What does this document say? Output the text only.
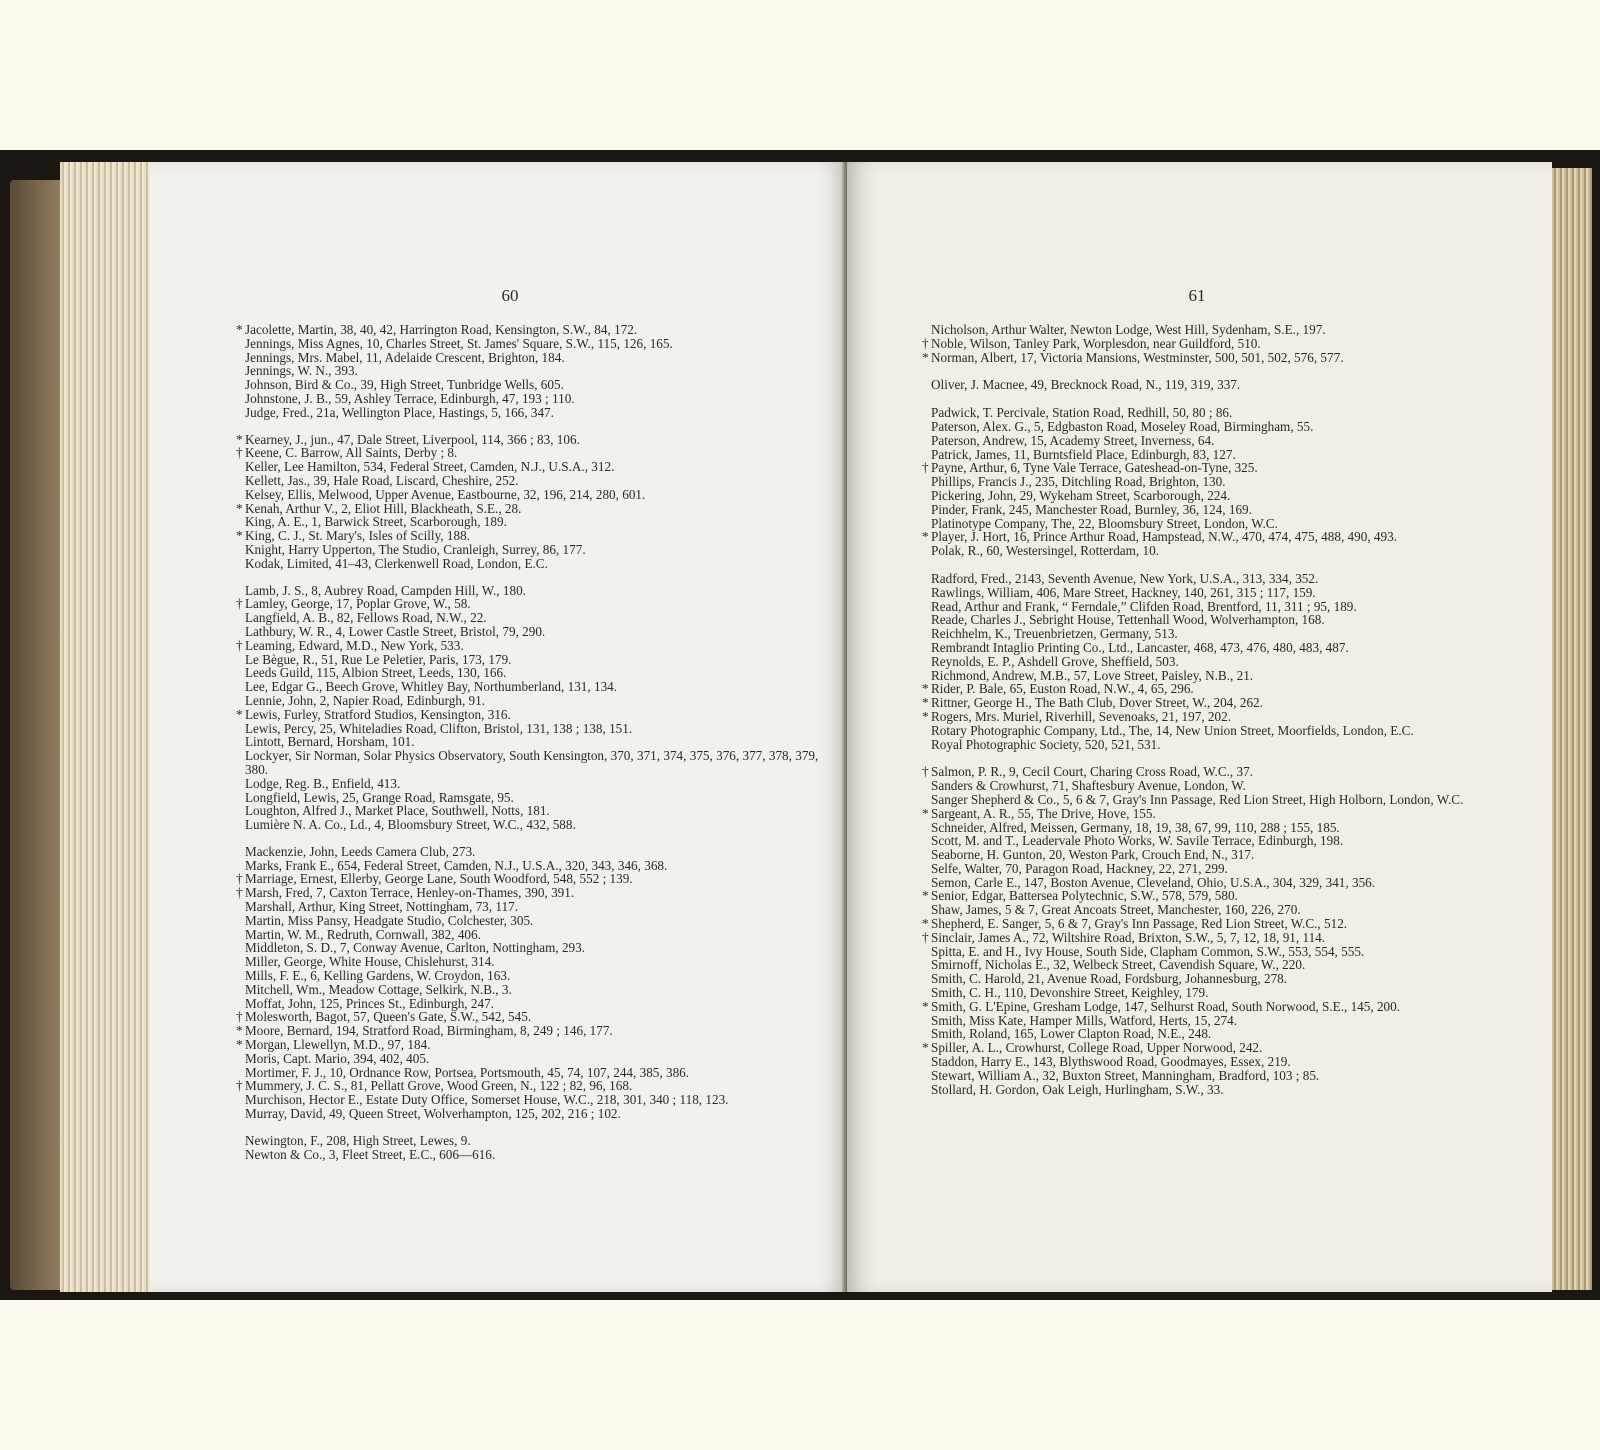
60
* Jacolette, Martin, 38, 40, 42, Harrington Road, Kensington, S.W., 84, 172.
Jennings, Miss Agnes, 10, Charles Street, St. James' Square, S.W., 115, 126, 165.
Jennings, Mrs. Mabel, 11, Adelaide Crescent, Brighton, 184.
Jennings, W. N., 393.
Johnson, Bird & Co., 39, High Street, Tunbridge Wells, 605.
Johnstone, J. B., 59, Ashley Terrace, Edinburgh, 47, 193 ; 110.
Judge, Fred., 21a, Wellington Place, Hastings, 5, 166, 347.
* Kearney, J., jun., 47, Dale Street, Liverpool, 114, 366 ; 83, 106.
† Keene, C. Barrow, All Saints, Derby ; 8.
Keller, Lee Hamilton, 534, Federal Street, Camden, N.J., U.S.A., 312.
Kellett, Jas., 39, Hale Road, Liscard, Cheshire, 252.
Kelsey, Ellis, Melwood, Upper Avenue, Eastbourne, 32, 196, 214, 280, 601.
* Kenah, Arthur V., 2, Eliot Hill, Blackheath, S.E., 28.
King, A. E., 1, Barwick Street, Scarborough, 189.
* King, C. J., St. Mary's, Isles of Scilly, 188.
Knight, Harry Upperton, The Studio, Cranleigh, Surrey, 86, 177.
Kodak, Limited, 41–43, Clerkenwell Road, London, E.C.
Lamb, J. S., 8, Aubrey Road, Campden Hill, W., 180.
† Lamley, George, 17, Poplar Grove, W., 58.
Langfield, A. B., 82, Fellows Road, N.W., 22.
Lathbury, W. R., 4, Lower Castle Street, Bristol, 79, 290.
† Leaming, Edward, M.D., New York, 533.
Le Bègue, R., 51, Rue Le Peletier, Paris, 173, 179.
Leeds Guild, 115, Albion Street, Leeds, 130, 166.
Lee, Edgar G., Beech Grove, Whitley Bay, Northumberland, 131, 134.
Lennie, John, 2, Napier Road, Edinburgh, 91.
* Lewis, Furley, Stratford Studios, Kensington, 316.
Lewis, Percy, 25, Whiteladies Road, Clifton, Bristol, 131, 138 ; 138, 151.
Lintott, Bernard, Horsham, 101.
Lockyer, Sir Norman, Solar Physics Observatory, South Kensington, 370, 371, 374, 375, 376, 377, 378, 379, 380.
Lodge, Reg. B., Enfield, 413.
Longfield, Lewis, 25, Grange Road, Ramsgate, 95.
Loughton, Alfred J., Market Place, Southwell, Notts, 181.
Lumière N. A. Co., Ld., 4, Bloomsbury Street, W.C., 432, 588.
Mackenzie, John, Leeds Camera Club, 273.
Marks, Frank E., 654, Federal Street, Camden, N.J., U.S.A., 320, 343, 346, 368.
† Marriage, Ernest, Ellerby, George Lane, South Woodford, 548, 552 ; 139.
† Marsh, Fred, 7, Caxton Terrace, Henley-on-Thames, 390, 391.
Marshall, Arthur, King Street, Nottingham, 73, 117.
Martin, Miss Pansy, Headgate Studio, Colchester, 305.
Martin, W. M., Redruth, Cornwall, 382, 406.
Middleton, S. D., 7, Conway Avenue, Carlton, Nottingham, 293.
Miller, George, White House, Chislehurst, 314.
Mills, F. E., 6, Kelling Gardens, W. Croydon, 163.
Mitchell, Wm., Meadow Cottage, Selkirk, N.B., 3.
Moffat, John, 125, Princes St., Edinburgh, 247.
† Molesworth, Bagot, 57, Queen's Gate, S.W., 542, 545.
* Moore, Bernard, 194, Stratford Road, Birmingham, 8, 249 ; 146, 177.
* Morgan, Llewellyn, M.D., 97, 184.
Moris, Capt. Mario, 394, 402, 405.
Mortimer, F. J., 10, Ordnance Row, Portsea, Portsmouth, 45, 74, 107, 244, 385, 386.
† Mummery, J. C. S., 81, Pellatt Grove, Wood Green, N., 122 ; 82, 96, 168.
Murchison, Hector E., Estate Duty Office, Somerset House, W.C., 218, 301, 340 ; 118, 123.
Murray, David, 49, Queen Street, Wolverhampton, 125, 202, 216 ; 102.
Newington, F., 208, High Street, Lewes, 9.
Newton & Co., 3, Fleet Street, E.C., 606—616.
61
Nicholson, Arthur Walter, Newton Lodge, West Hill, Sydenham, S.E., 197.
† Noble, Wilson, Tanley Park, Worplesdon, near Guildford, 510.
* Norman, Albert, 17, Victoria Mansions, Westminster, 500, 501, 502, 576, 577.
Oliver, J. Macnee, 49, Brecknock Road, N., 119, 319, 337.
Padwick, T. Percivale, Station Road, Redhill, 50, 80 ; 86.
Paterson, Alex. G., 5, Edgbaston Road, Moseley Road, Birmingham, 55.
Paterson, Andrew, 15, Academy Street, Inverness, 64.
Patrick, James, 11, Burntsfield Place, Edinburgh, 83, 127.
† Payne, Arthur, 6, Tyne Vale Terrace, Gateshead-on-Tyne, 325.
Phillips, Francis J., 235, Ditchling Road, Brighton, 130.
Pickering, John, 29, Wykeham Street, Scarborough, 224.
Pinder, Frank, 245, Manchester Road, Burnley, 36, 124, 169.
Platinotype Company, The, 22, Bloomsbury Street, London, W.C.
* Player, J. Hort, 16, Prince Arthur Road, Hampstead, N.W., 470, 474, 475, 488, 490, 493.
Polak, R., 60, Westersingel, Rotterdam, 10.
Radford, Fred., 2143, Seventh Avenue, New York, U.S.A., 313, 334, 352.
Rawlings, William, 406, Mare Street, Hackney, 140, 261, 315 ; 117, 159.
Read, Arthur and Frank, “ Ferndale,” Clifden Road, Brentford, 11, 311 ; 95, 189.
Reade, Charles J., Sebright House, Tettenhall Wood, Wolverhampton, 168.
Reichhelm, K., Treuenbrietzen, Germany, 513.
Rembrandt Intaglio Printing Co., Ltd., Lancaster, 468, 473, 476, 480, 483, 487.
Reynolds, E. P., Ashdell Grove, Sheffield, 503.
Richmond, Andrew, M.B., 57, Love Street, Paisley, N.B., 21.
* Rider, P. Bale, 65, Euston Road, N.W., 4, 65, 296.
* Rittner, George H., The Bath Club, Dover Street, W., 204, 262.
* Rogers, Mrs. Muriel, Riverhill, Sevenoaks, 21, 197, 202.
Rotary Photographic Company, Ltd., The, 14, New Union Street, Moorfields, London, E.C.
Royal Photographic Society, 520, 521, 531.
† Salmon, P. R., 9, Cecil Court, Charing Cross Road, W.C., 37.
Sanders & Crowhurst, 71, Shaftesbury Avenue, London, W.
Sanger Shepherd & Co., 5, 6 & 7, Gray's Inn Passage, Red Lion Street, High Holborn, London, W.C.
* Sargeant, A. R., 55, The Drive, Hove, 155.
Schneider, Alfred, Meissen, Germany, 18, 19, 38, 67, 99, 110, 288 ; 155, 185.
Scott, M. and T., Leadervale Photo Works, W. Savile Terrace, Edinburgh, 198.
Seaborne, H. Gunton, 20, Weston Park, Crouch End, N., 317.
Selfe, Walter, 70, Paragon Road, Hackney, 22, 271, 299.
Semon, Carle E., 147, Boston Avenue, Cleveland, Ohio, U.S.A., 304, 329, 341, 356.
* Senior, Edgar, Battersea Polytechnic, S.W., 578, 579, 580.
Shaw, James, 5 & 7, Great Ancoats Street, Manchester, 160, 226, 270.
* Shepherd, E. Sanger, 5, 6 & 7, Gray's Inn Passage, Red Lion Street, W.C., 512.
† Sinclair, James A., 72, Wiltshire Road, Brixton, S.W., 5, 7, 12, 18, 91, 114.
Spitta, E. and H., Ivy House, South Side, Clapham Common, S.W., 553, 554, 555.
Smirnoff, Nicholas E., 32, Welbeck Street, Cavendish Square, W., 220.
Smith, C. Harold, 21, Avenue Road, Fordsburg, Johannesburg, 278.
Smith, C. H., 110, Devonshire Street, Keighley, 179.
* Smith, G. L'Epine, Gresham Lodge, 147, Selhurst Road, South Norwood, S.E., 145, 200.
Smith, Miss Kate, Hamper Mills, Watford, Herts, 15, 274.
Smith, Roland, 165, Lower Clapton Road, N.E., 248.
* Spiller, A. L., Crowhurst, College Road, Upper Norwood, 242.
Staddon, Harry E., 143, Blythswood Road, Goodmayes, Essex, 219.
Stewart, William A., 32, Buxton Street, Manningham, Bradford, 103 ; 85.
Stollard, H. Gordon, Oak Leigh, Hurlingham, S.W., 33.
